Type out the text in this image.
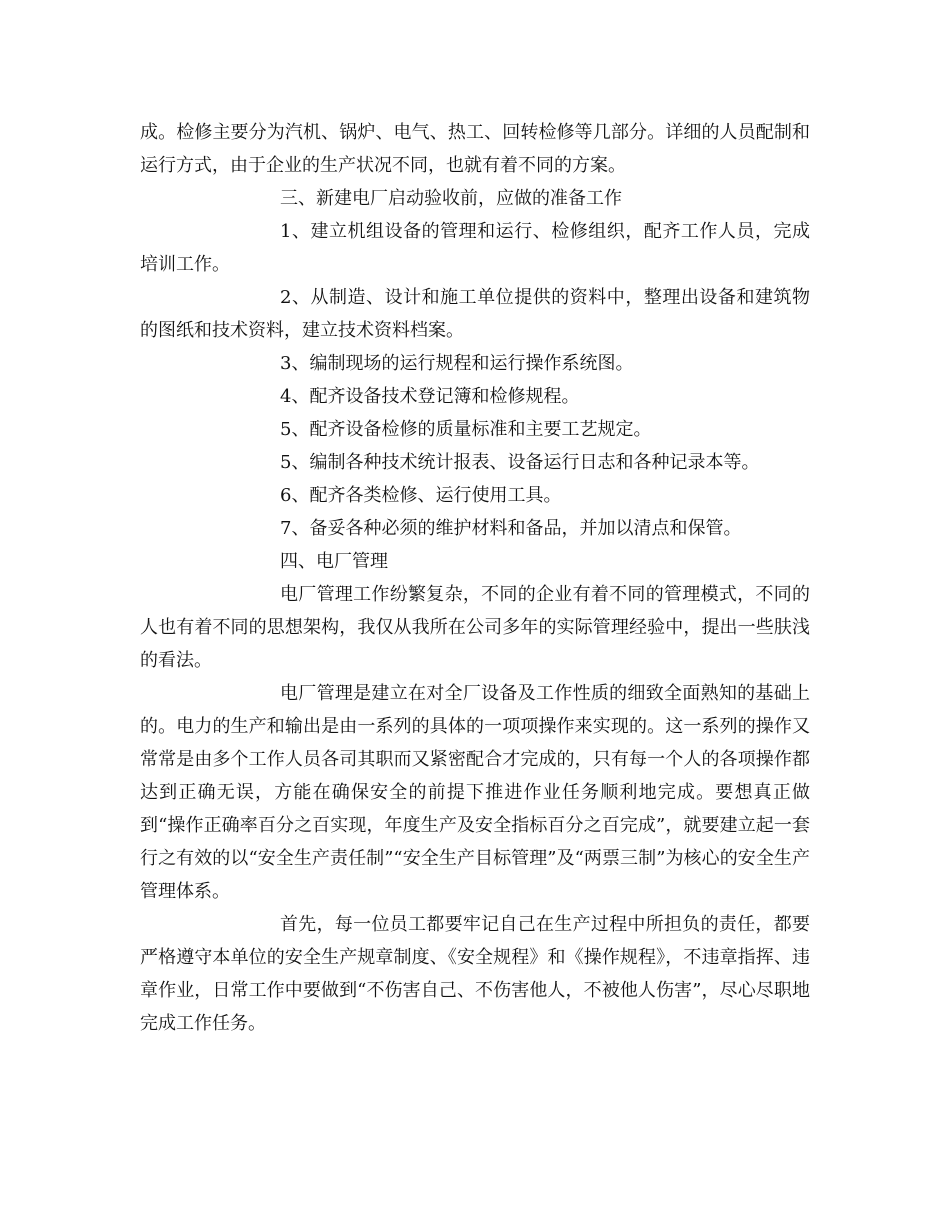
成。检修主要分为汽机、锅炉、电气、热工、回转检修等几部分。详细的人员配制和运行方式，由于企业的生产状况不同，也就有着不同的方案。

三、新建电厂启动验收前，应做的准备工作

1、建立机组设备的管理和运行、检修组织，配齐工作人员，完成培训工作。

2、从制造、设计和施工单位提供的资料中，整理出设备和建筑物的图纸和技术资料，建立技术资料档案。

3、编制现场的运行规程和运行操作系统图。

4、配齐设备技术登记簿和检修规程。

5、配齐设备检修的质量标准和主要工艺规定。

5、编制各种技术统计报表、设备运行日志和各种记录本等。

6、配齐各类检修、运行使用工具。

7、备妥各种必须的维护材料和备品，并加以清点和保管。

四、电厂管理

电厂管理工作纷繁复杂，不同的企业有着不同的管理模式，不同的人也有着不同的思想架构，我仅从我所在公司多年的实际管理经验中，提出一些肤浅的看法。

电厂管理是建立在对全厂设备及工作性质的细致全面熟知的基础上的。电力的生产和输出是由一系列的具体的一项项操作来实现的。这一系列的操作又常常是由多个工作人员各司其职而又紧密配合才完成的，只有每一个人的各项操作都达到正确无误，方能在确保安全的前提下推进作业任务顺利地完成。要想真正做到“操作正确率百分之百实现，年度生产及安全指标百分之百完成”，就要建立起一套行之有效的以“安全生产责任制”“安全生产目标管理”及“两票三制”为核心的安全生产管理体系。

首先，每一位员工都要牢记自己在生产过程中所担负的责任，都要严格遵守本单位的安全生产规章制度、《安全规程》和《操作规程》，不违章指挥、违章作业，日常工作中要做到“不伤害自己、不伤害他人，不被他人伤害”，尽心尽职地完成工作任务。
